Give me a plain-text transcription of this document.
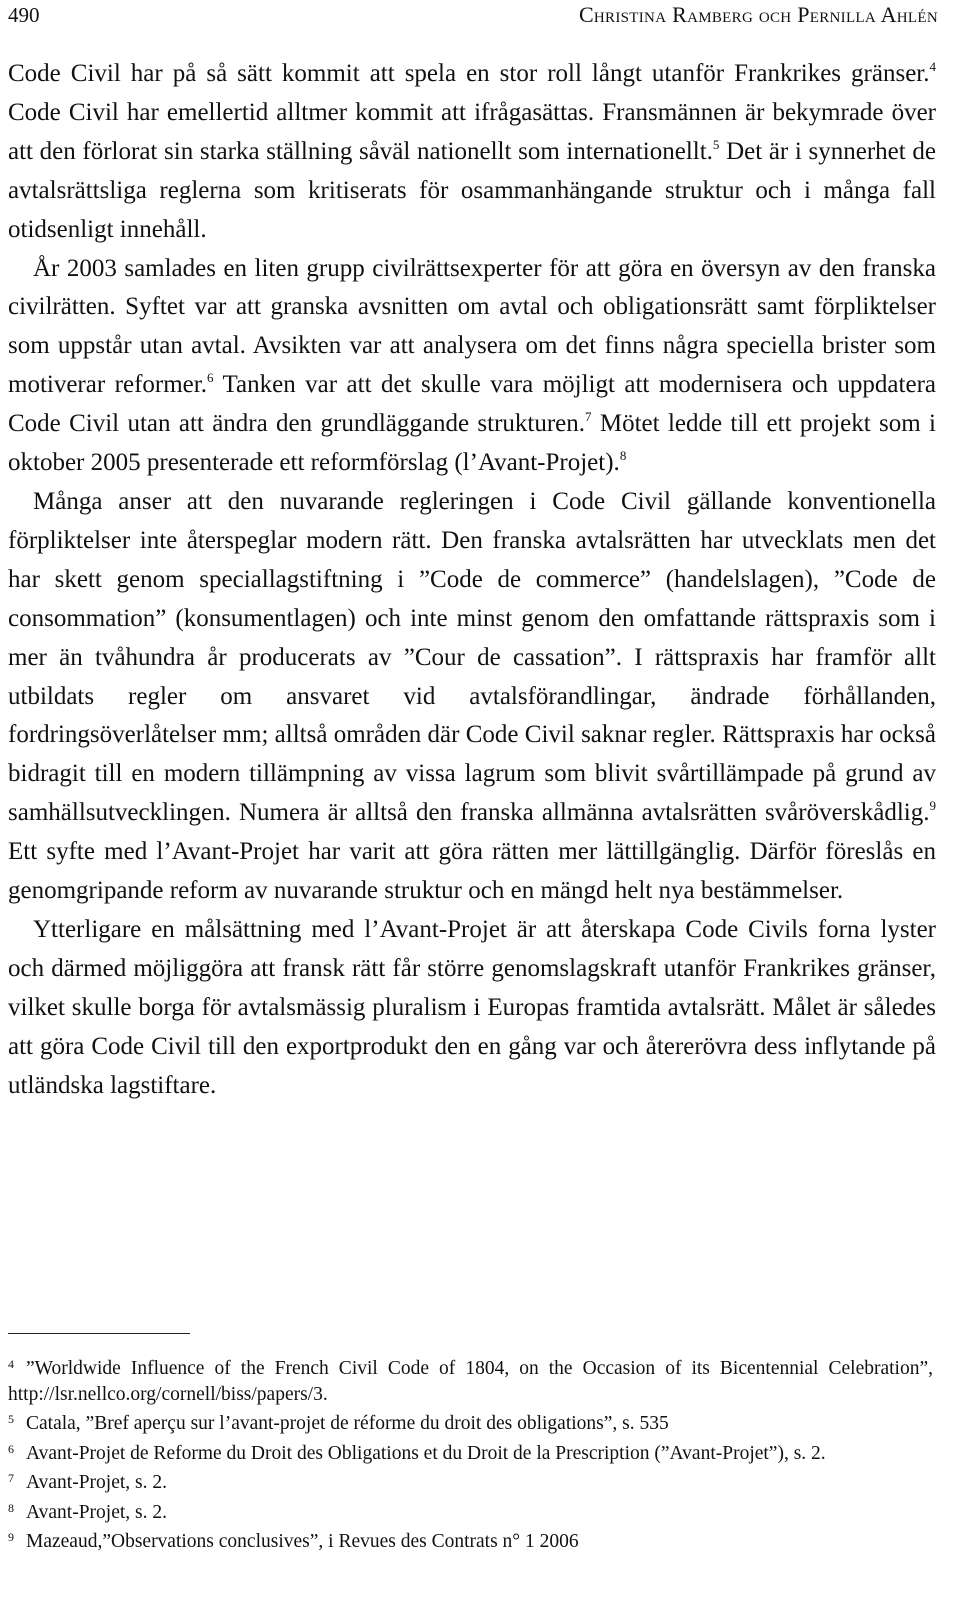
490	Christina Ramberg och Pernilla Ahlén

Code Civil har på så sätt kommit att spela en stor roll långt utanför Frankrikes gränser.$^4$ Code Civil har emellertid alltmer kommit att ifrågasättas. Fransmännen är bekymrade över att den förlorat sin starka ställning såväl nationellt som internationellt.$^5$ Det är i synnerhet de avtalsrättsliga reglerna som kritiserats för osammanhängande struktur och i många fall otidsenligt innehåll.

År 2003 samlades en liten grupp civilrättsexperter för att göra en översyn av den franska civilrätten. Syftet var att granska avsnitten om avtal och obligationsrätt samt förpliktelser som uppstår utan avtal. Avsikten var att analysera om det finns några speciella brister som motiverar reformer.$^6$ Tanken var att det skulle vara möjligt att modernisera och uppdatera Code Civil utan att ändra den grundläggande strukturen.$^7$ Mötet ledde till ett projekt som i oktober 2005 presenterade ett reformförslag (l’Avant-Projet).$^8$

Många anser att den nuvarande regleringen i Code Civil gällande konventionella förpliktelser inte återspeglar modern rätt. Den franska avtalsrätten har utvecklats men det har skett genom speciallagstiftning i ”Code de commerce” (handelslagen), ”Code de consommation” (konsumentlagen) och inte minst genom den omfattande rättspraxis som i mer än tvåhundra år producerats av ”Cour de cassation”. I rättspraxis har framför allt utbildats regler om ansvaret vid avtalsförandlingar, ändrade förhållanden, fordringsöverlåtelser mm; alltså områden där Code Civil saknar regler. Rättspraxis har också bidragit till en modern tillämpning av vissa lagrum som blivit svårtillämpade på grund av samhällsutvecklingen. Numera är alltså den franska allmänna avtalsrätten svåröverskådlig.$^9$ Ett syfte med l’Avant-Projet har varit att göra rätten mer lättillgänglig. Därför föreslås en genomgripande reform av nuvarande struktur och en mängd helt nya bestämmelser.

Ytterligare en målsättning med l’Avant-Projet är att återskapa Code Civils forna lyster och därmed möjliggöra att fransk rätt får större genomslagskraft utanför Frankrikes gränser, vilket skulle borga för avtalsmässig pluralism i Europas framtida avtalsrätt. Målet är således att göra Code Civil till den exportprodukt den en gång var och återerövra dess inflytande på utländska lagstiftare.

$^4$ ”Worldwide Influence of the French Civil Code of 1804, on the Occasion of its Bicentennial Celebration”, http://lsr.nellco.org/cornell/biss/papers/3.
$^5$ Catala, ”Bref aperçu sur l’avant-projet de réforme du droit des obligations”, s. 535
$^6$ Avant-Projet de Reforme du Droit des Obligations et du Droit de la Prescription (”Avant-Projet”), s. 2.
$^7$ Avant-Projet, s. 2.
$^8$ Avant-Projet, s. 2.
$^9$ Mazeaud,”Observations conclusives”, i Revues des Contrats n° 1 2006
